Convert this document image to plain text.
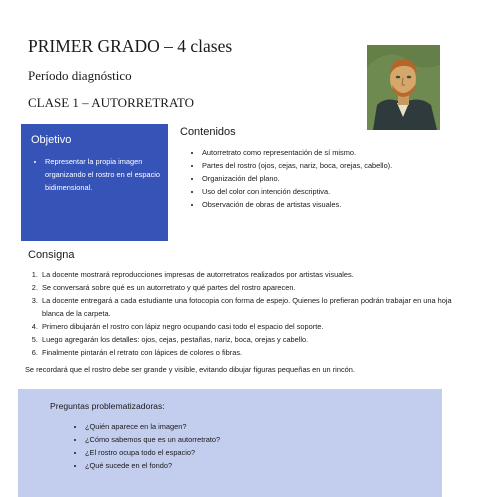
PRIMER GRADO – 4 clases
Período diagnóstico
CLASE 1 – AUTORRETRATO
Objetivo
• Representar la propia imagen organizando el rostro en el espacio bidimensional.
Contenidos
• Autorretrato como representación de sí mismo.
• Partes del rostro (ojos, cejas, nariz, boca, orejas, cabello).
• Organización del plano.
• Uso del color con intención descriptiva.
• Observación de obras de artistas visuales.
Consigna
1. La docente mostrará reproducciones impresas de autorretratos realizados por artistas visuales.
2. Se conversará sobre qué es un autorretrato y qué partes del rostro aparecen.
3. La docente entregará a cada estudiante una fotocopia con forma de espejo. Quienes lo prefieran podrán trabajar en una hoja blanca de la carpeta.
4. Primero dibujarán el rostro con lápiz negro ocupando casi todo el espacio del soporte.
5. Luego agregarán los detalles: ojos, cejas, pestañas, nariz, boca, orejas y cabello.
6. Finalmente pintarán el retrato con lápices de colores o fibras.
Se recordará que el rostro debe ser grande y visible, evitando dibujar figuras pequeñas en un rincón.
Preguntas problematizadoras:
• ¿Quién aparece en la imagen?
• ¿Cómo sabemos que es un autorretrato?
• ¿El rostro ocupa todo el espacio?
• ¿Qué sucede en el fondo?
